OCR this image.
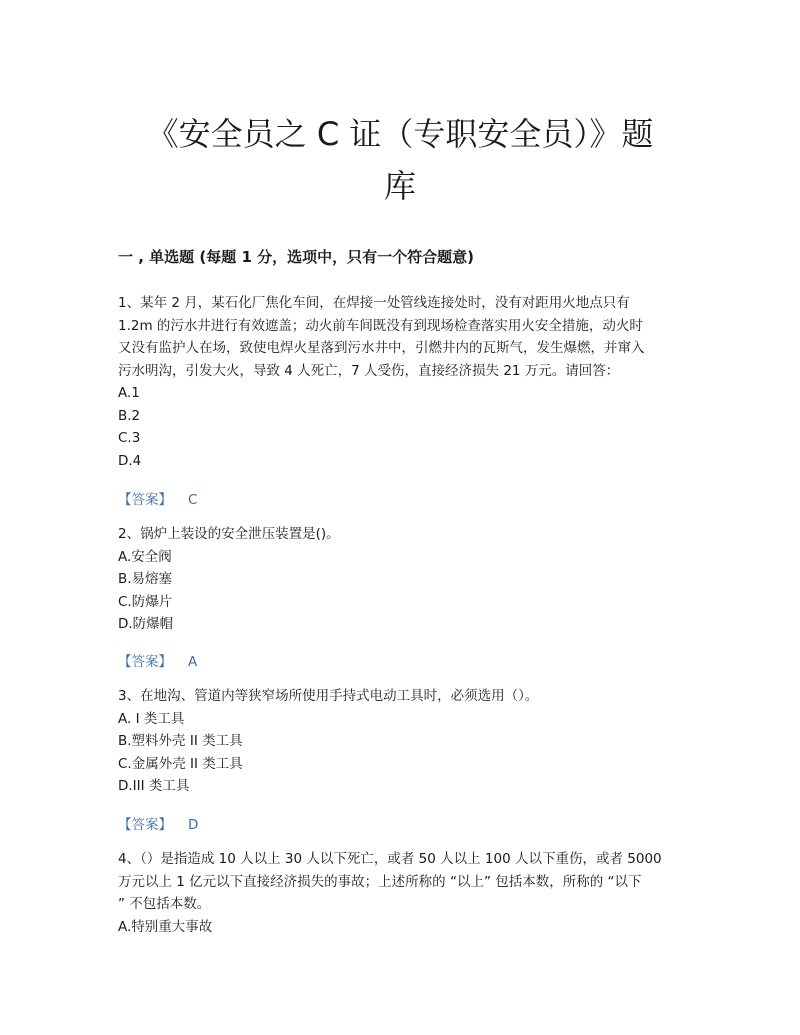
《安全员之 C 证（专职安全员）》题
库
一 , 单选题 (每题 1 分，选项中，只有一个符合题意)
1、某年 2 月，某石化厂焦化车间，在焊接一处管线连接处时，没有对距用火地点只有
1.2m 的污水井进行有效遮盖；动火前车间既没有到现场检查落实用火安全措施，动火时
又没有监护人在场，致使电焊火星落到污水井中，引燃井内的瓦斯气，发生爆燃，并窜入
污水明沟，引发大火，导致 4 人死亡，7 人受伤，直接经济损失 21 万元。请回答：
A.1
B.2
C.3
D.4
【答案】 C
2、锅炉上装设的安全泄压装置是()。
A.安全阀
B.易熔塞
C.防爆片
D.防爆帽
【答案】 A
3、在地沟、管道内等狭窄场所使用手持式电动工具时，必须选用（）。
A. I 类工具
B.塑料外壳 II 类工具
C.金属外壳 II 类工具
D.III 类工具
【答案】 D
4、（）是指造成 10 人以上 30 人以下死亡，或者 50 人以上 100 人以下重伤，或者 5000
万元以上 1 亿元以下直接经济损失的事故；上述所称的 “以上” 包括本数，所称的 “以下
” 不包括本数。
A.特别重大事故
